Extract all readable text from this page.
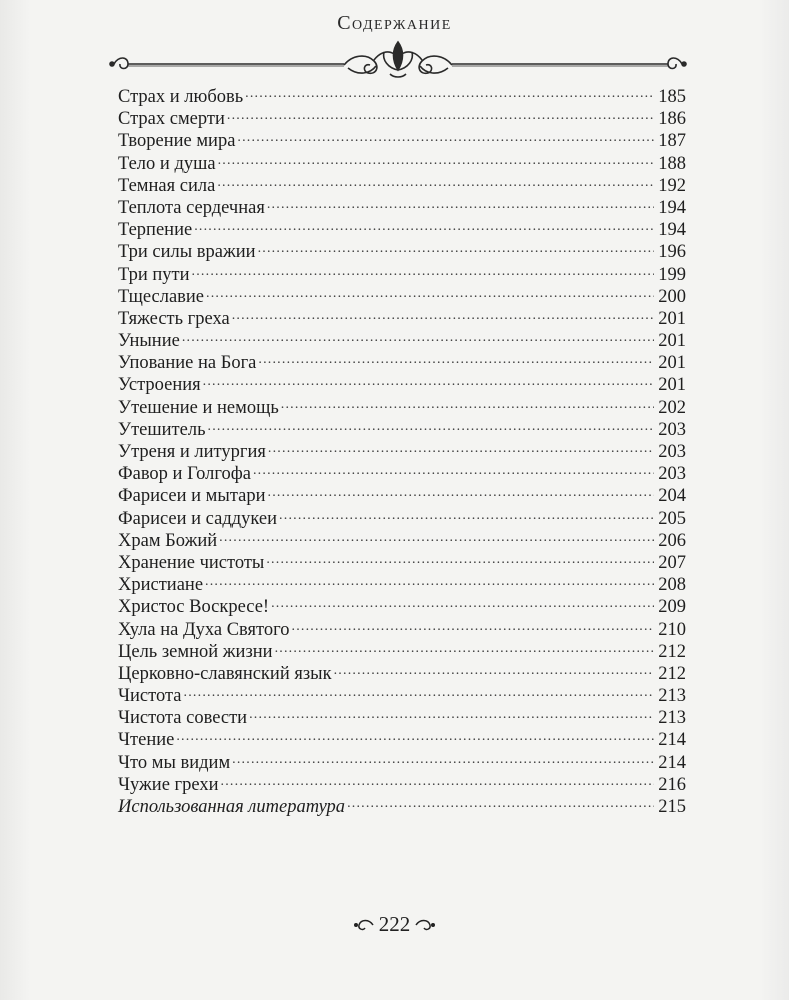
Содержание
Страх и любовь .....	185
Страх смерти .....	186
Творение мира .....	187
Тело и душа .....	188
Темная сила .....	192
Теплота сердечная .....	194
Терпение .....	194
Три силы вражии .....	196
Три пути .....	199
Тщеславие .....	200
Тяжесть греха .....	201
Уныние .....	201
Упование на Бога .....	201
Устроения .....	201
Утешение и немощь .....	202
Утешитель .....	203
Утреня и литургия .....	203
Фавор и Голгофа .....	203
Фарисеи и мытари .....	204
Фарисеи и саддукеи .....	205
Храм Божий .....	206
Хранение чистоты .....	207
Христиане .....	208
Христос Воскресе! .....	209
Хула на Духа Святого .....	210
Цель земной жизни .....	212
Церковно-славянский язык .....	212
Чистота .....	213
Чистота совести .....	213
Чтение .....	214
Что мы видим .....	214
Чужие грехи .....	216
Использованная литература .....	215
222
